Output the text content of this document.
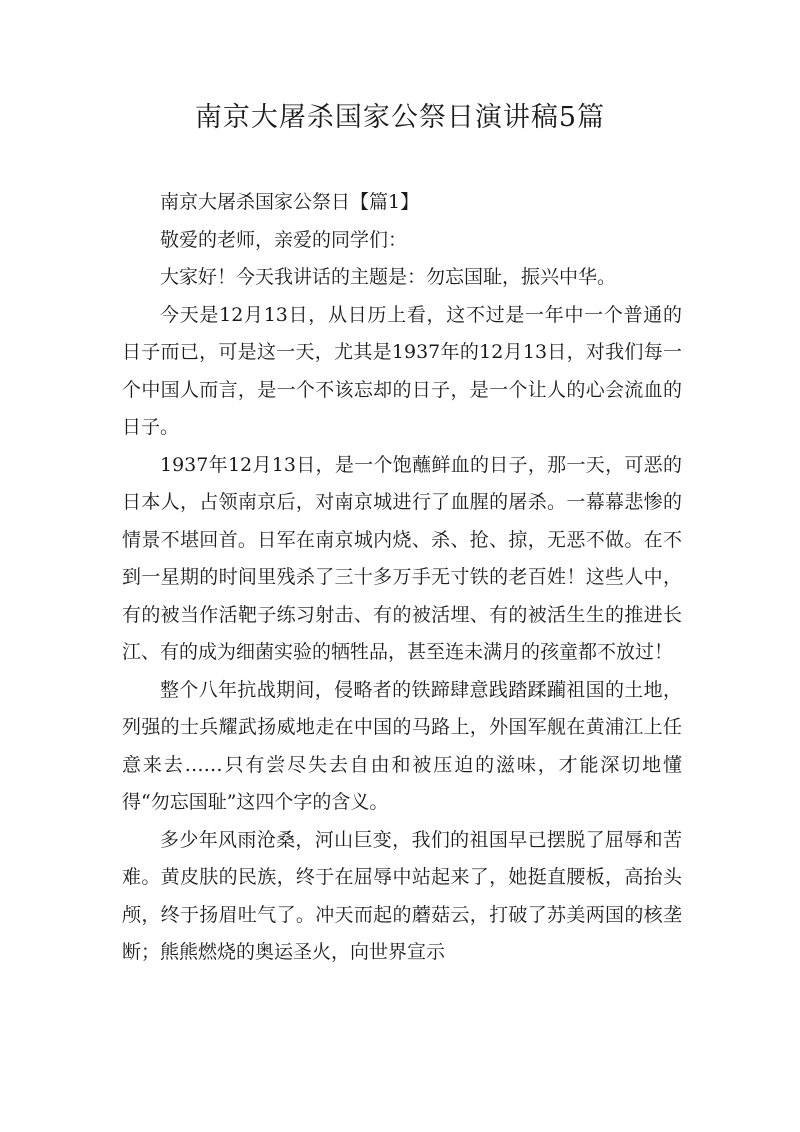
南京大屠杀国家公祭日演讲稿5篇

南京大屠杀国家公祭日【篇1】

敬爱的老师，亲爱的同学们：

大家好！今天我讲话的主题是：勿忘国耻，振兴中华。

今天是12月13日，从日历上看，这不过是一年中一个普通的日子而已，可是这一天，尤其是1937年的12月13日，对我们每一个中国人而言，是一个不该忘却的日子，是一个让人的心会流血的日子。

1937年12月13日，是一个饱蘸鲜血的日子，那一天，可恶的日本人，占领南京后，对南京城进行了血腥的屠杀。一幕幕悲惨的情景不堪回首。日军在南京城内烧、杀、抢、掠，无恶不做。在不到一星期的时间里残杀了三十多万手无寸铁的老百姓！这些人中，有的被当作活靶子练习射击、有的被活埋、有的被活生生的推进长江、有的成为细菌实验的牺牲品，甚至连未满月的孩童都不放过！

整个八年抗战期间，侵略者的铁蹄肆意践踏蹂躏祖国的土地，列强的士兵耀武扬威地走在中国的马路上，外国军舰在黄浦江上任意来去……只有尝尽失去自由和被压迫的滋味，才能深切地懂得“勿忘国耻”这四个字的含义。

多少年风雨沧桑，河山巨变，我们的祖国早已摆脱了屈辱和苦难。黄皮肤的民族，终于在屈辱中站起来了，她挺直腰板，高抬头颅，终于扬眉吐气了。冲天而起的蘑菇云，打破了苏美两国的核垄断；熊熊燃烧的奥运圣火，向世界宣示
